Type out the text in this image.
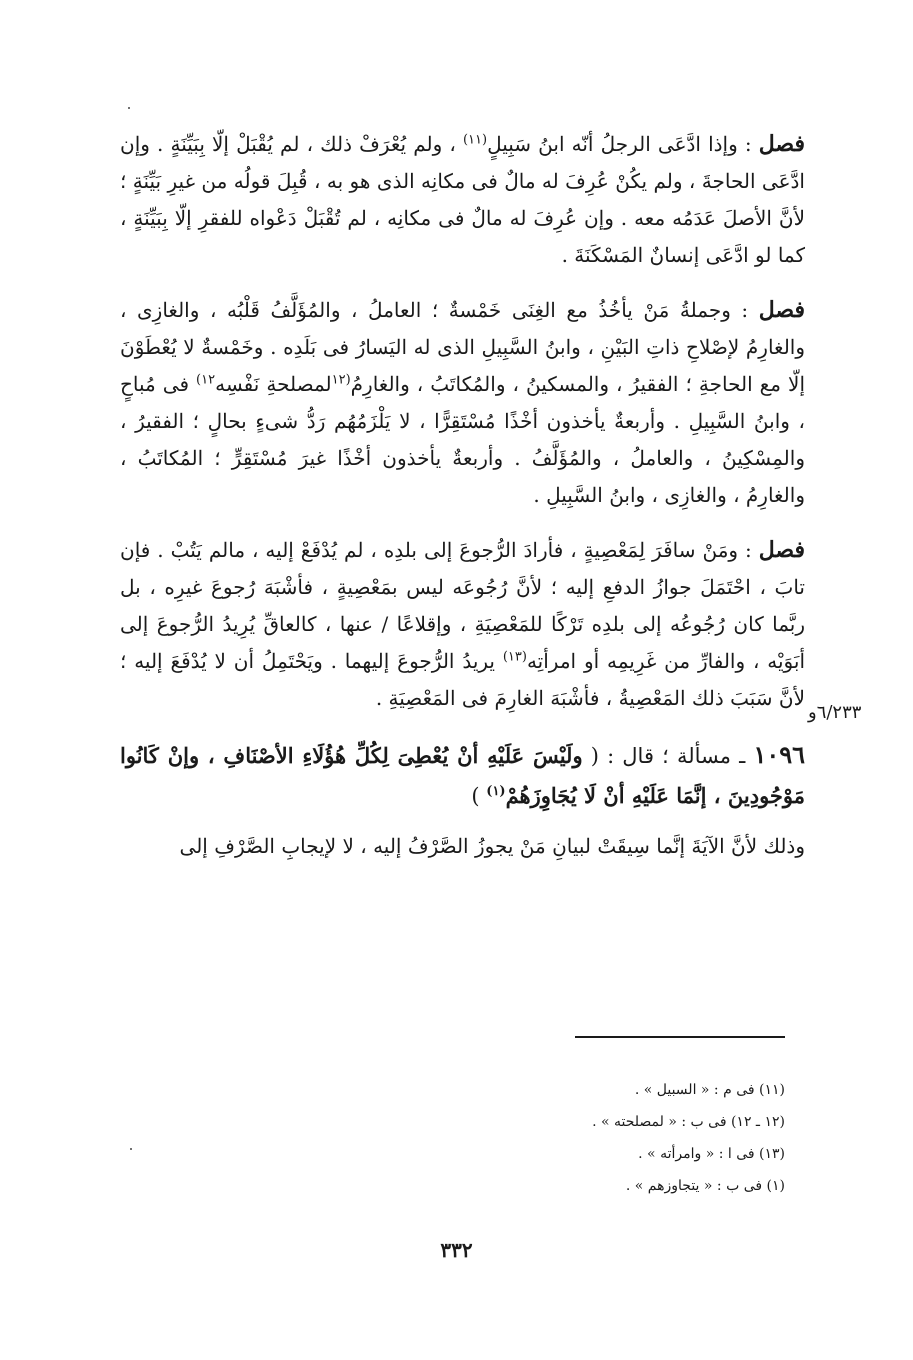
فصل : وإذا ادَّعَى الرجلُ أنّه ابنُ سَبِيلٍ$^{(١١)}$ ، ولم يُعْرَفْ ذلك ، لم يُقْبَلْ إلّا بِبَيِّنَةٍ . وإن ادَّعَى الحاجةَ ، ولم يكُنْ عُرِفَ له مالٌ فى مكانِه الذى هو به ، قُبِلَ قولُه من غيرِ بَيِّنَةٍ ؛ لأنَّ الأصلَ عَدَمُه معه . وإن عُرِفَ له مالٌ فى مكانِه ، لم تُقْبَلْ دَعْواه للفقرِ إلّا بِبَيِّنَةٍ ، كما لو ادَّعَى إنسانٌ المَسْكَنَةَ .

فصل : وجملةُ مَنْ يأخُذُ مع الغِنَى خَمْسةٌ ؛ العاملُ ، والمُؤَلَّفُ قَلْبُه ، والغازِى ، والغارِمُ لإصْلاحِ ذاتِ البَيْنِ ، وابنُ السَّبِيلِ الذى له اليَسارُ فى بَلَدِه . وخَمْسةٌ لا يُعْطَوْنَ إلّا مع الحاجةِ ؛ الفقيرُ ، والمسكينُ ، والمُكاتَبُ ، والغارِمُ$^{(١٢}$لمصلحةِ نَفْسِه$^{١٢)}$ فى مُباحٍ ، وابنُ السَّبِيلِ . وأربعةٌ يأخذون أخْذًا مُسْتَقِرًّا ، لا يَلْزَمُهُم رَدُّ شىءٍ بحالٍ ؛ الفقيرُ ، والمِسْكِينُ ، والعاملُ ، والمُؤَلَّفُ . وأربعةٌ يأخذون أخْذًا غيرَ مُسْتَقِرٍّ ؛ المُكاتَبُ ، والغارِمُ ، والغازِى ، وابنُ السَّبِيلِ .

فصل : ومَنْ سافَرَ لِمَعْصِيةٍ ، فأرادَ الرُّجوعَ إلى بلدِه ، لم يُدْفَعْ إليه ، مالم يَتُبْ . فإن تابَ ، احْتَمَلَ جوازُ الدفعِ إليه ؛ لأنَّ رُجُوعَه ليس بمَعْصِيةٍ ، فأشْبَهَ رُجوعَ غيرِه ، بل ربَّما كان رُجُوعُه إلى بلدِه تَرْكًا للمَعْصِيَةِ ، وإقلاعًا / عنها ، كالعاقِّ يُرِيدُ الرُّجوعَ إلى أبَوَيْه ، والفارِّ من غَرِيمِه أو امرأتِه$^{(١٣)}$ يريدُ الرُّجوعَ إليهما . ويَحْتَمِلُ أن لا يُدْفَعَ إليه ؛ لأنَّ سَبَبَ ذلك المَعْصِيةُ ، فأشْبَهَ الغارِمَ فى المَعْصِيَةِ .

١٠٩٦ ـ مسألة ؛ قال : ( ولَيْسَ عَلَيْهِ أنْ يُعْطِىَ لِكُلِّ هُؤُلَاءِ الأصْنَافِ ، وإنْ كَانُوا مَوْجُودِينَ ، إنَّمَا عَلَيْهِ أنْ لَا يُجَاوِزَهُمْ$^{(١)}$ )

وذلك لأنَّ الآيَةَ إنَّما سِيقَتْ لبيانِ مَنْ يجوزُ الصَّرْفُ إليه ، لا لإيجابِ الصَّرْفِ إلى

٦/٢٣٣و
(١١) فى م : « السبيل » .
(١٢ ـ ١٢) فى ب : « لمصلحته » .
(١٣) فى ا : « وامرأته » .
(١) فى ب : « يتجاوزهم » .
٣٣٢
